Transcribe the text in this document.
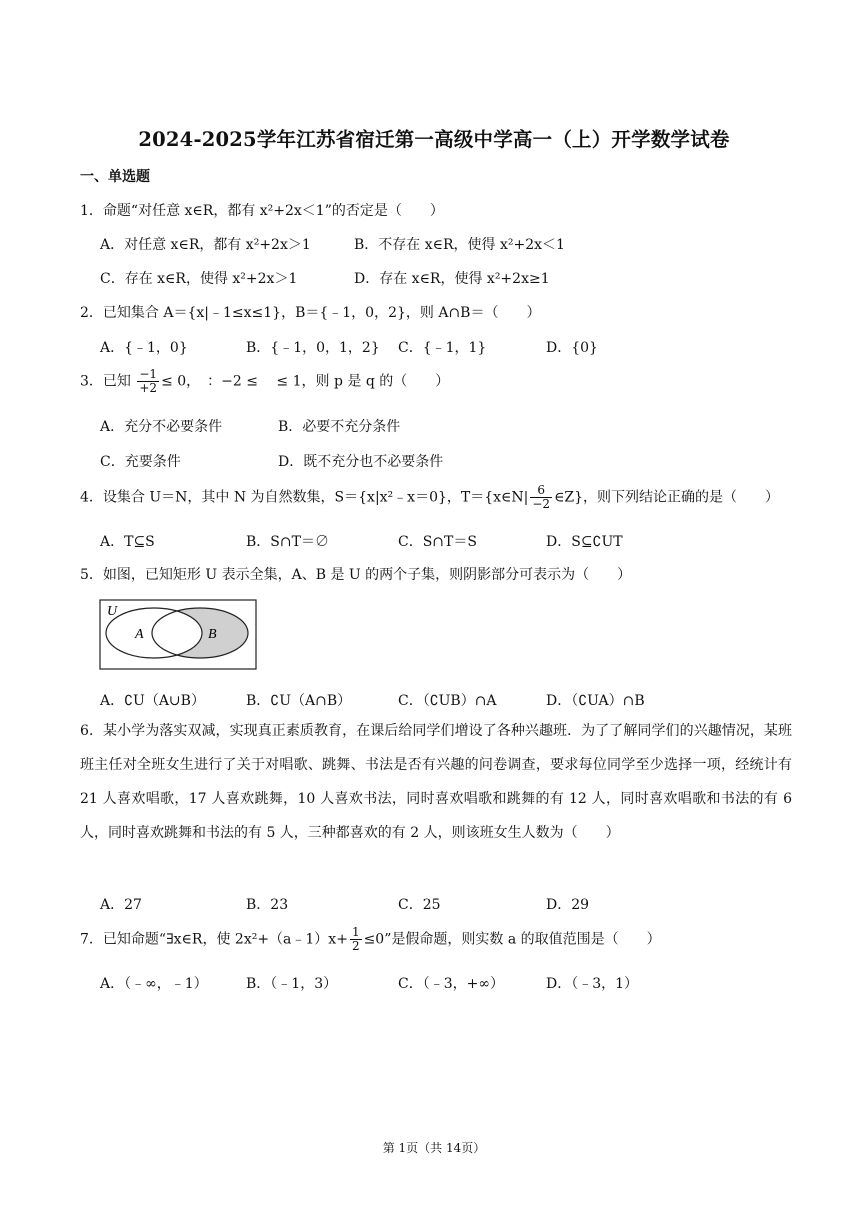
2024-2025学年江苏省宿迁第一高级中学高一（上）开学数学试卷
一、单选题
1．命题“对任意 x∈R，都有 x²+2x＜1”的否定是（　　）
A．对任意 x∈R，都有 x²+2x＞1	B．不存在 x∈R，使得 x²+2x＜1
C．存在 x∈R，使得 x²+2x＞1	D．存在 x∈R，使得 x²+2x≥1
2．已知集合 A＝{x|﹣1≤x≤1}，B＝{﹣1，0，2}，则 A∩B＝（　　）
A．{﹣1，0}	B．{﹣1，0，1，2} C．{﹣1，1}	D．{0}
3．已知 $\frac{-1}{+2} \le 0$，　：−2 ≤　 ≤ 1，则 p 是 q 的（　　）
A．充分不必要条件	B．必要不充分条件
C．充要条件	D．既不充分也不必要条件
4．设集合 U＝N，其中 N 为自然数集，S＝{x|x²﹣x＝0}，T＝{x∈N| $\frac{6}{-2}$ ∈Z}，则下列结论正确的是（　　）
A．T⊆S	B．S∩T＝∅	C．S∩T＝S	D．S⊆∁UT
5．如图，已知矩形 U 表示全集，A、B 是 U 的两个子集，则阴影部分可表示为（　　）
U
A	B
A．∁U（A∪B）	B．∁U（A∩B）	C．（∁UB）∩A	D．（∁UA）∩B
6．某小学为落实双减，实现真正素质教育，在课后给同学们增设了各种兴趣班．为了了解同学们的兴趣情况，某班班主任对全班女生进行了关于对唱歌、跳舞、书法是否有兴趣的问卷调查，要求每位同学至少选择一项，经统计有 21 人喜欢唱歌，17 人喜欢跳舞，10 人喜欢书法，同时喜欢唱歌和跳舞的有 12 人，同时喜欢唱歌和书法的有 6 人，同时喜欢跳舞和书法的有 5 人，三种都喜欢的有 2 人，则该班女生人数为（　　）
A．27	B．23	C．25	D．29
7．已知命题“∃x∈R，使 2x²+（a﹣1）x+ $\frac{1}{2} \le 0$”是假命题，则实数 a 的取值范围是（　　）
A．（﹣∞，﹣1）	B．（﹣1，3）	C．（﹣3，+∞）	D．（﹣3，1）
第 1页（共 14页）
